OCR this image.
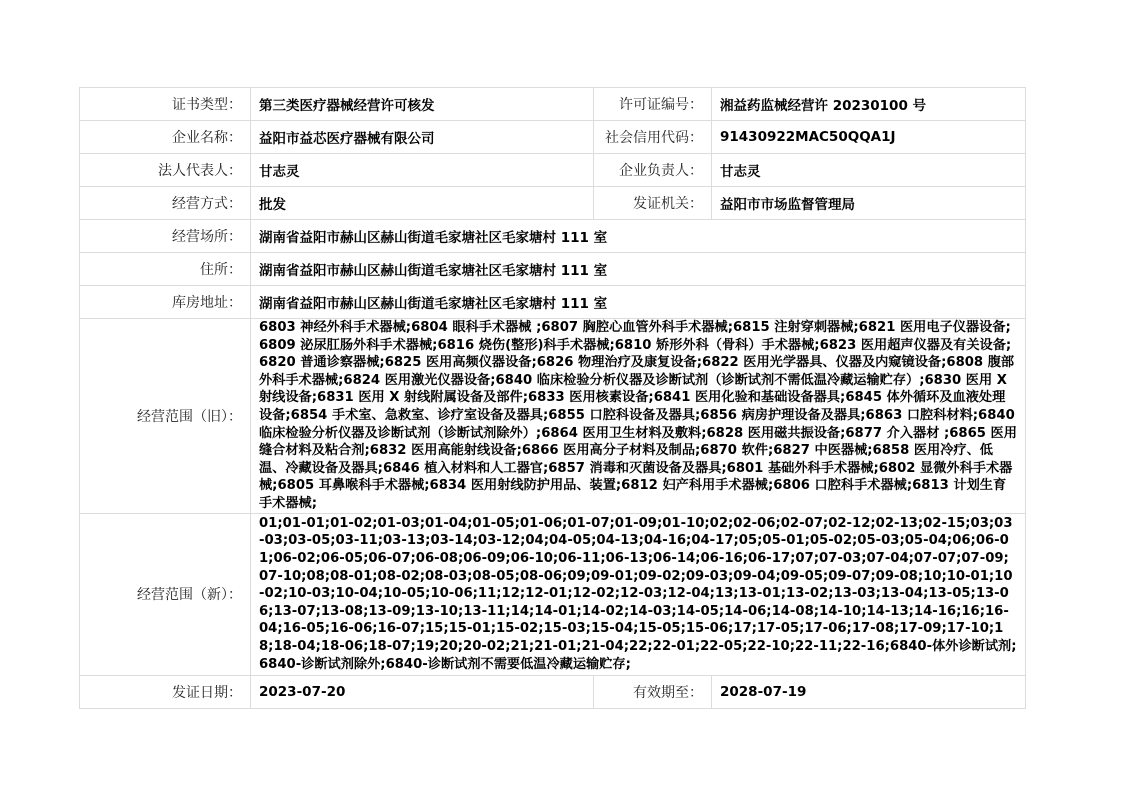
证书类型：	第三类医疗器械经营许可核发	许可证编号：	湘益药监械经营许 20230100 号
企业名称：	益阳市益芯医疗器械有限公司	社会信用代码：	91430922MAC50QQA1J
法人代表人：	甘志灵	企业负责人：	甘志灵
经营方式：	批发	发证机关：	益阳市市场监督管理局
经营场所：	湖南省益阳市赫山区赫山街道毛家塘社区毛家塘村 111 室		
住所：	湖南省益阳市赫山区赫山街道毛家塘社区毛家塘村 111 室		
库房地址：	湖南省益阳市赫山区赫山街道毛家塘社区毛家塘村 111 室		
经营范围（旧）：	6803 神经外科手术器械;6804 眼科手术器械 ;6807 胸腔心血管外科手术器械;6815 注射穿刺器械;6821 医用电子仪器设备;6809 泌尿肛肠外科手术器械;6816 烧伤(整形)科手术器械;6810 矫形外科（骨科）手术器械;6823 医用超声仪器及有关设备;6820 普通诊察器械;6825 医用高频仪器设备;6826 物理治疗及康复设备;6822 医用光学器具、仪器及内窥镜设备;6808 腹部外科手术器械;6824 医用激光仪器设备;6840 临床检验分析仪器及诊断试剂（诊断试剂不需低温冷藏运输贮存）;6830 医用 X 射线设备;6831 医用 X 射线附属设备及部件;6833 医用核素设备;6841 医用化验和基础设备器具;6845 体外循环及血液处理设备;6854 手术室、急救室、诊疗室设备及器具;6855 口腔科设备及器具;6856 病房护理设备及器具;6863 口腔科材料;6840 临床检验分析仪器及诊断试剂（诊断试剂除外）;6864 医用卫生材料及敷料;6828 医用磁共振设备;6877 介入器材 ;6865 医用缝合材料及粘合剂;6832 医用高能射线设备;6866 医用高分子材料及制品;6870 软件;6827 中医器械;6858 医用冷疗、低温、冷藏设备及器具;6846 植入材料和人工器官;6857 消毒和灭菌设备及器具;6801 基础外科手术器械;6802 显微外科手术器械;6805 耳鼻喉科手术器械;6834 医用射线防护用品、装置;6812 妇产科用手术器械;6806 口腔科手术器械;6813 计划生育手术器械;		
经营范围（新）：	01;01-01;01-02;01-03;01-04;01-05;01-06;01-07;01-09;01-10;02;02-06;02-07;02-12;02-13;02-15;03;03-03;03-05;03-11;03-13;03-14;03-12;04;04-05;04-13;04-16;04-17;05;05-01;05-02;05-03;05-04;06;06-01;06-02;06-05;06-07;06-08;06-09;06-10;06-11;06-13;06-14;06-16;06-17;07;07-03;07-04;07-07;07-09;07-10;08;08-01;08-02;08-03;08-05;08-06;09;09-01;09-02;09-03;09-04;09-05;09-07;09-08;10;10-01;10-02;10-03;10-04;10-05;10-06;11;12;12-01;12-02;12-03;12-04;13;13-01;13-02;13-03;13-04;13-05;13-06;13-07;13-08;13-09;13-10;13-11;14;14-01;14-02;14-03;14-05;14-06;14-08;14-10;14-13;14-16;16;16-04;16-05;16-06;16-07;15;15-01;15-02;15-03;15-04;15-05;15-06;17;17-05;17-06;17-08;17-09;17-10;18;18-04;18-06;18-07;19;20;20-02;21;21-01;21-04;22;22-01;22-05;22-10;22-11;22-16;6840-体外诊断试剂;6840-诊断试剂除外;6840-诊断试剂不需要低温冷藏运输贮存;		
发证日期：	2023-07-20	有效期至：	2028-07-19
